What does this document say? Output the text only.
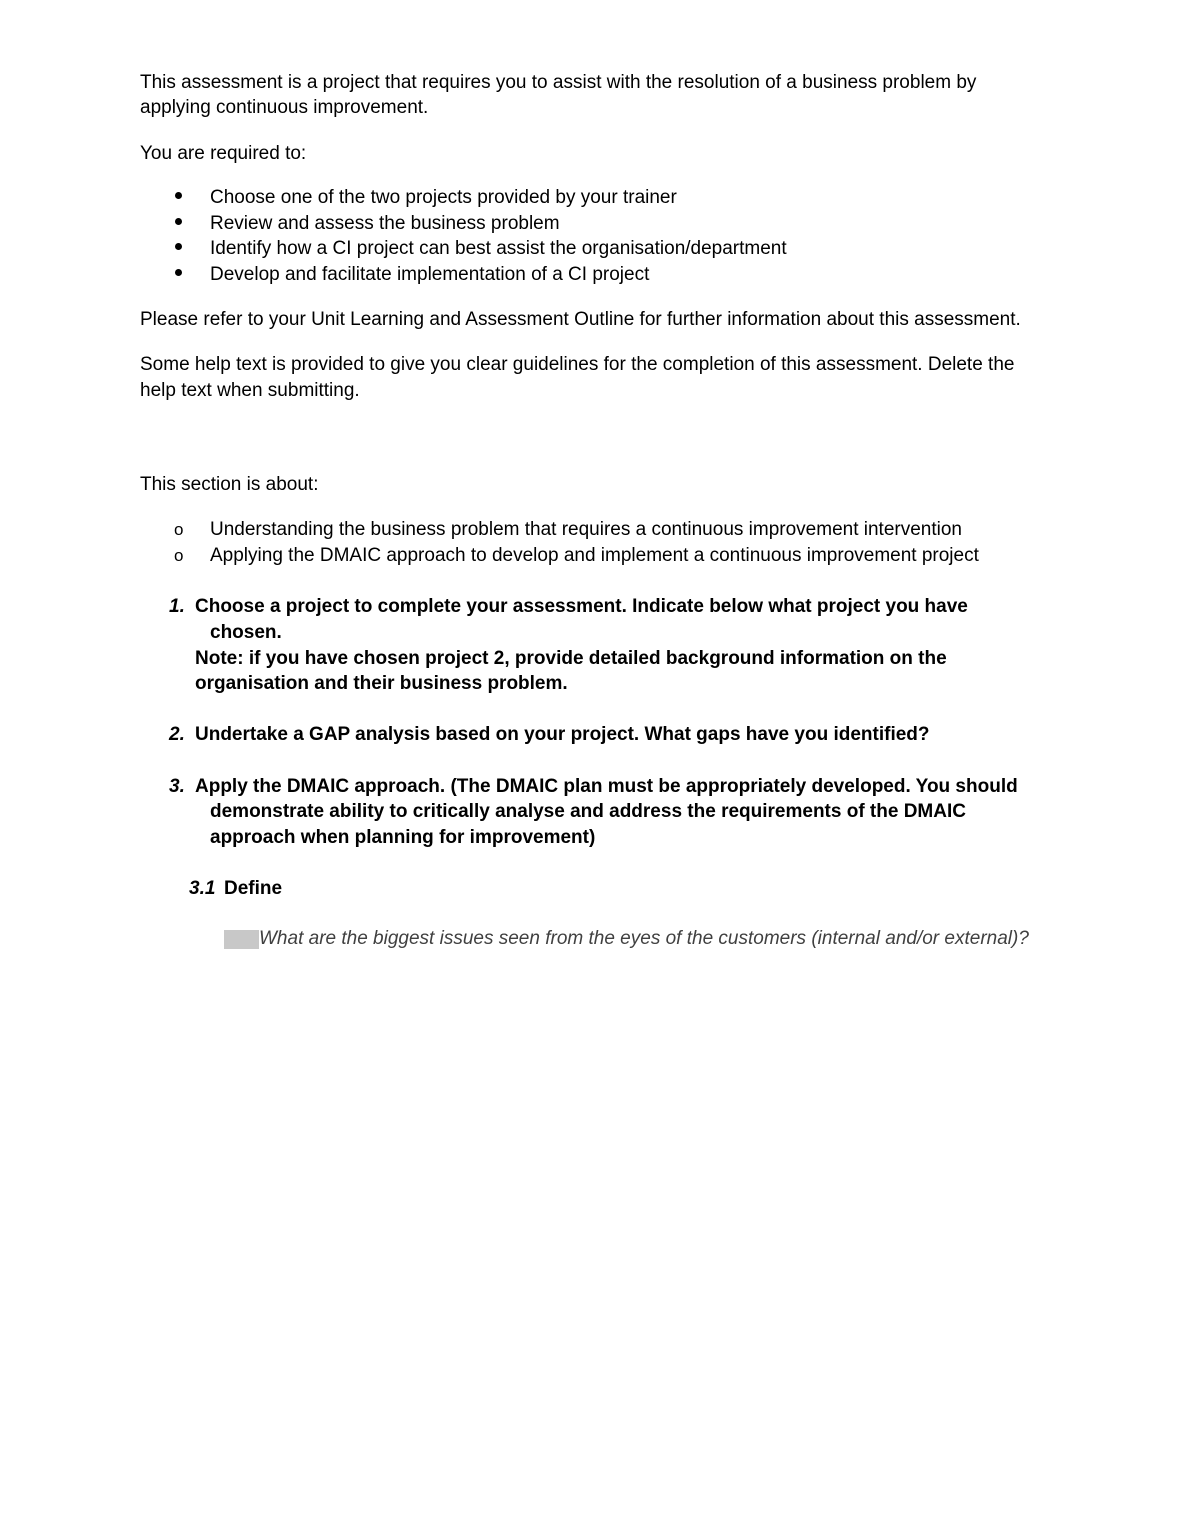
This assessment is a project that requires you to assist with the resolution of a business problem by

applying continuous improvement.

You are required to:

Choose one of the two projects provided by your trainer

Review and assess the business problem

Identify how a CI project can best assist the organisation/department

Develop and facilitate implementation of a CI project

Please refer to your Unit Learning and Assessment Outline for further information about this assessment.

Some help text is provided to give you clear guidelines for the completion of this assessment. Delete the

help text when submitting.

This section is about:

o Understanding the business problem that requires a continuous improvement intervention

o Applying the DMAIC approach to develop and implement a continuous improvement project

1. Choose a project to complete your assessment. Indicate below what project you have

chosen.

Note: if you have chosen project 2, provide detailed background information on the

organisation and their business problem.

2. Undertake a GAP analysis based on your project. What gaps have you identified?

3. Apply the DMAIC approach. (The DMAIC plan must be appropriately developed. You should

demonstrate ability to critically analyse and address the requirements of the DMAIC

approach when planning for improvement)

3.1 Define

What are the biggest issues seen from the eyes of the customers (internal and/or external)?
